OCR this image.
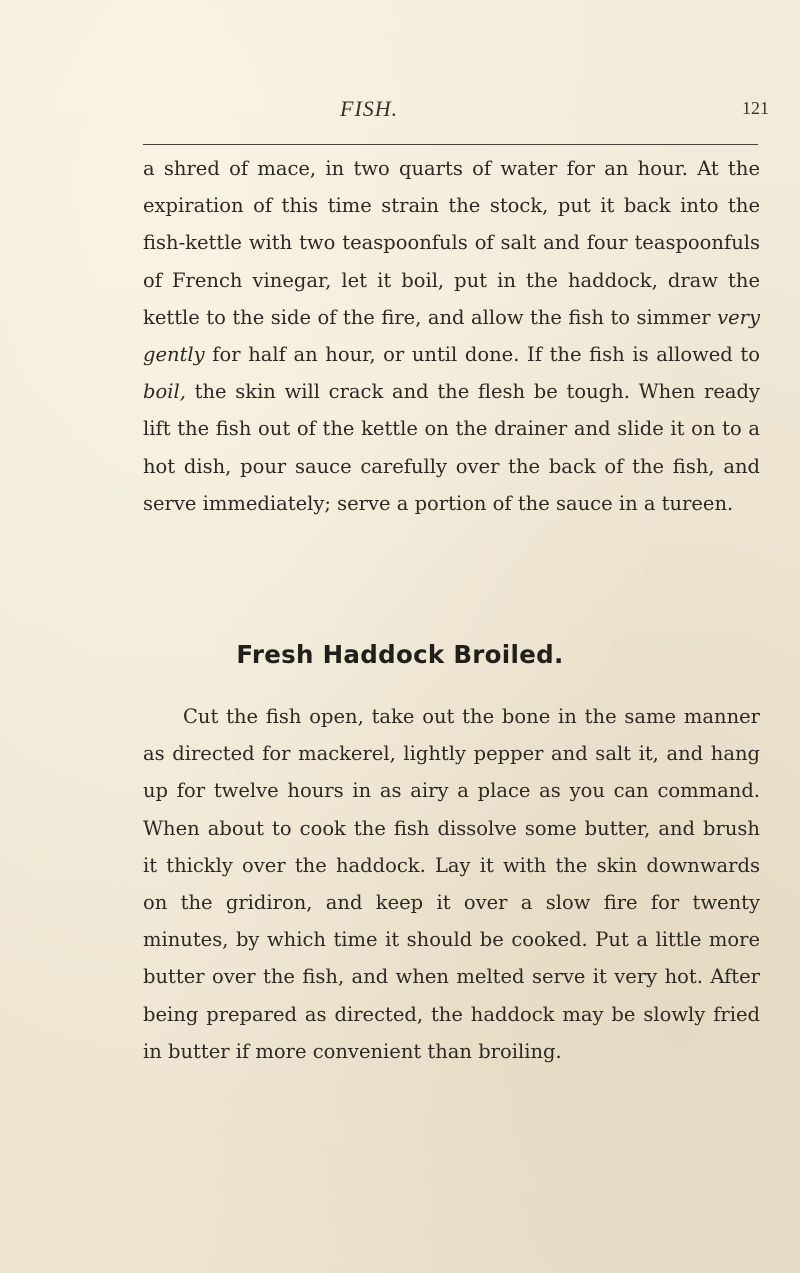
FISH.	121

a shred of mace, in two quarts of water for an hour. At the expiration of this time strain the stock, put it back into the fish-kettle with two teaspoonfuls of salt and four teaspoonfuls of French vinegar, let it boil, put in the haddock, draw the kettle to the side of the fire, and allow the fish to simmer very gently for half an hour, or until done. If the fish is allowed to boil, the skin will crack and the flesh be tough. When ready lift the fish out of the kettle on the drainer and slide it on to a hot dish, pour sauce carefully over the back of the fish, and serve immediately; serve a portion of the sauce in a tureen.

Fresh Haddock Broiled.

Cut the fish open, take out the bone in the same manner as directed for mackerel, lightly pepper and salt it, and hang up for twelve hours in as airy a place as you can command. When about to cook the fish dissolve some butter, and brush it thickly over the haddock. Lay it with the skin downwards on the gridiron, and keep it over a slow fire for twenty minutes, by which time it should be cooked. Put a little more butter over the fish, and when melted serve it very hot. After being prepared as directed, the haddock may be slowly fried in butter if more convenient than broiling.
